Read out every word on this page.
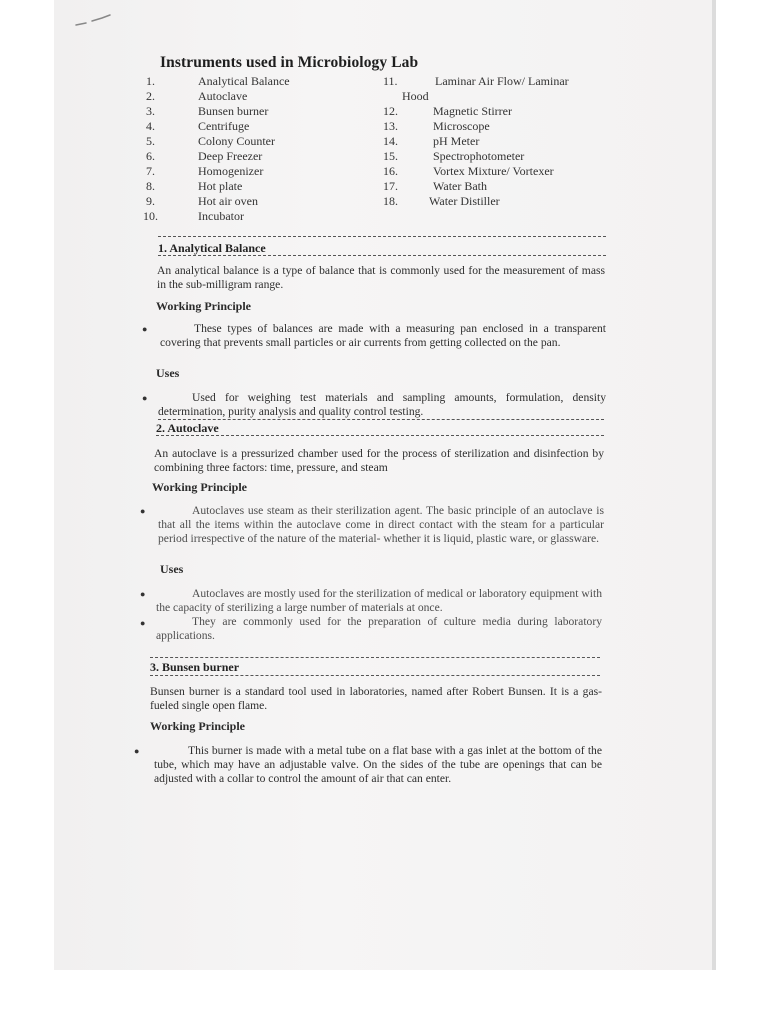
Instruments used in Microbiology Lab
1.	Analytical Balance
2.	Autoclave
3.	Bunsen burner
4.	Centrifuge
5.	Colony Counter
6.	Deep Freezer
7.	Homogenizer
8.	Hot plate
9.	Hot air oven
10.	Incubator
11.	Laminar Air Flow/ Laminar
Hood
12.	Magnetic Stirrer
13.	Microscope
14.	pH Meter
15.	Spectrophotometer
16.	Vortex Mixture/ Vortexer
17.	Water Bath
18.	Water Distiller
1. Analytical Balance
An analytical balance is a type of balance that is commonly used for the measurement of mass in the sub-milligram range.
Working Principle
●	These types of balances are made with a measuring pan enclosed in a transparent covering that prevents small particles or air currents from getting collected on the pan.
Uses
●	Used for weighing test materials and sampling amounts, formulation, density determination, purity analysis and quality control testing.
2. Autoclave
An autoclave is a pressurized chamber used for the process of sterilization and disinfection by combining three factors: time, pressure, and steam
Working Principle
●	Autoclaves use steam as their sterilization agent. The basic principle of an autoclave is that all the items within the autoclave come in direct contact with the steam for a particular period irrespective of the nature of the material- whether it is liquid, plastic ware, or glassware.
Uses
●	Autoclaves are mostly used for the sterilization of medical or laboratory equipment with the capacity of sterilizing a large number of materials at once.
●	They are commonly used for the preparation of culture media during laboratory applications.
3. Bunsen burner
Bunsen burner is a standard tool used in laboratories, named after Robert Bunsen. It is a gas-fueled single open flame.
Working Principle
●	This burner is made with a metal tube on a flat base with a gas inlet at the bottom of the tube, which may have an adjustable valve. On the sides of the tube are openings that can be adjusted with a collar to control the amount of air that can enter.
